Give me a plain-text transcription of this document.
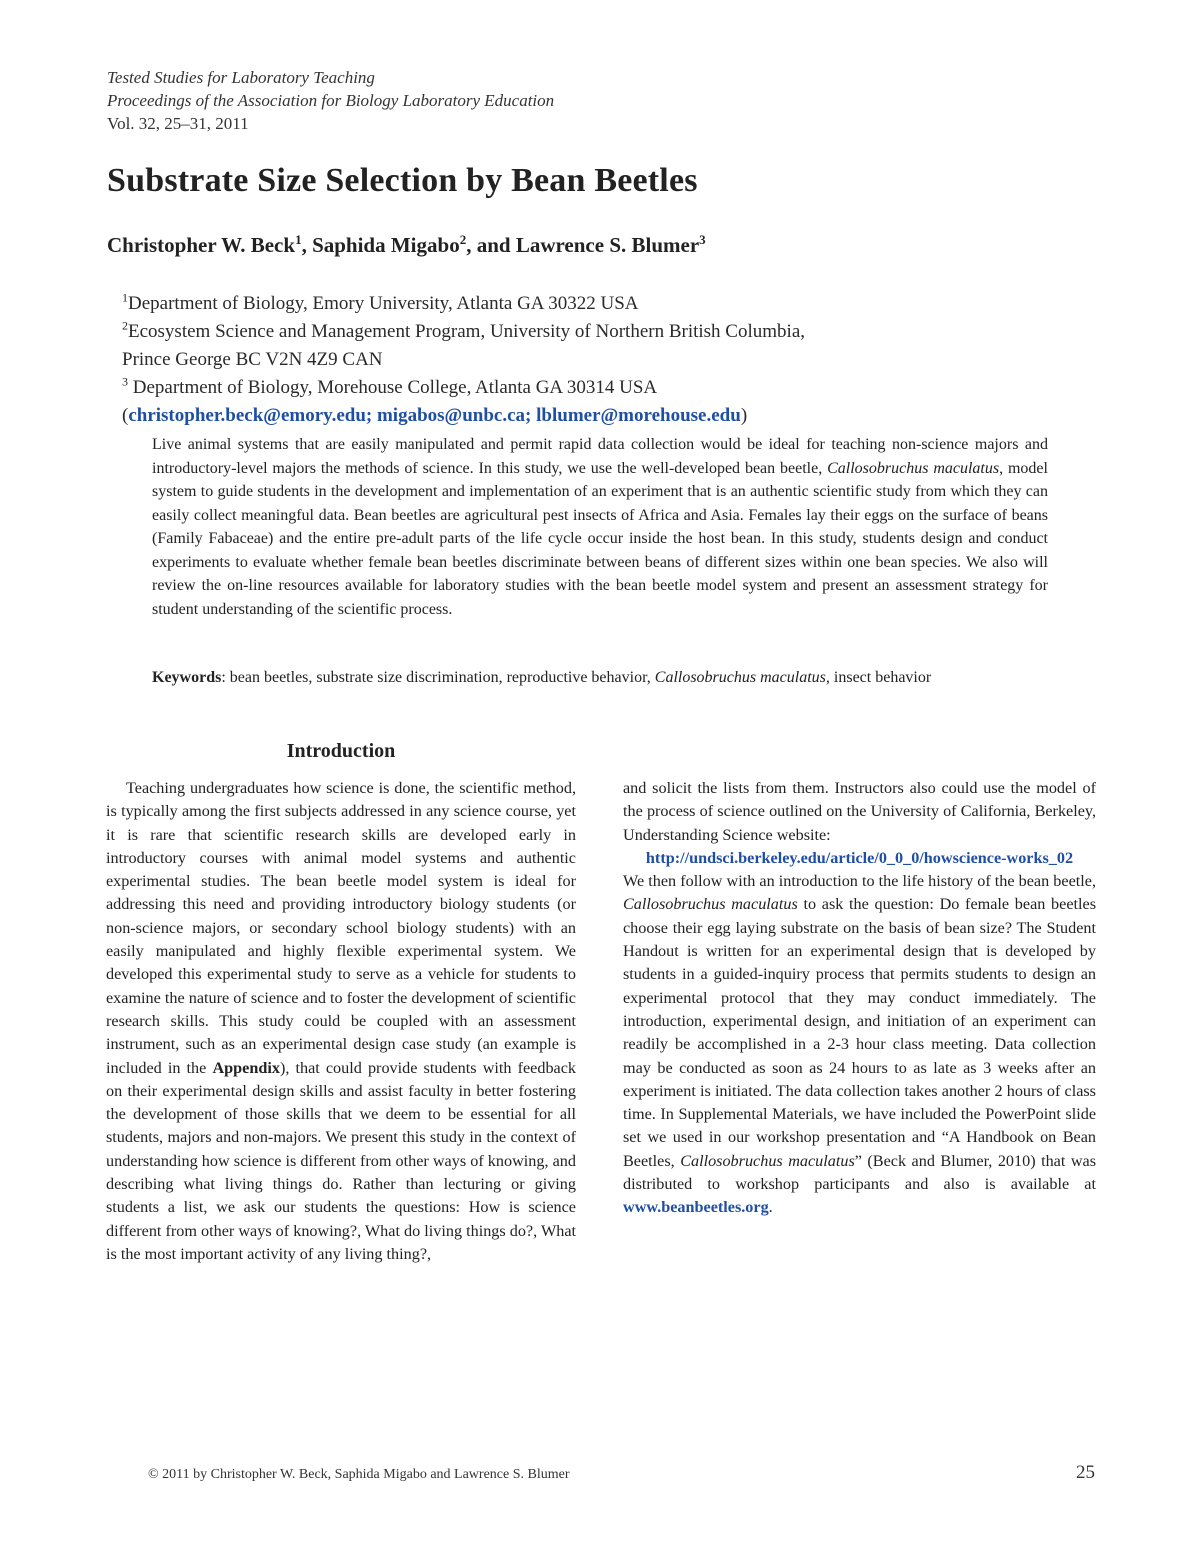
Tested Studies for Laboratory Teaching
Proceedings of the Association for Biology Laboratory Education
Vol. 32, 25–31, 2011
Substrate Size Selection by Bean Beetles
Christopher W. Beck$^1$, Saphida Migabo$^2$, and Lawrence S. Blumer$^3$
$^1$Department of Biology, Emory University, Atlanta GA 30322 USA
$^2$Ecosystem Science and Management Program, University of Northern British Columbia,
Prince George BC V2N 4Z9 CAN
$^3$ Department of Biology, Morehouse College, Atlanta GA 30314 USA
(christopher.beck@emory.edu; migabos@unbc.ca; lblumer@morehouse.edu)

Live animal systems that are easily manipulated and permit rapid data collection would be ideal for teaching non-science majors and introductory-level majors the methods of science. In this study, we use the well-developed bean beetle, Callosobruchus maculatus, model system to guide students in the development and implementation of an experiment that is an authentic scientific study from which they can easily collect meaningful data. Bean beetles are agricultural pest insects of Africa and Asia. Females lay their eggs on the surface of beans (Family Fabaceae) and the entire pre-adult parts of the life cycle occur inside the host bean. In this study, students design and conduct experiments to evaluate whether female bean beetles discriminate between beans of different sizes within one bean species. We also will review the on-line resources available for laboratory studies with the bean beetle model system and present an assessment strategy for student understanding of the scientific process.

Keywords: bean beetles, substrate size discrimination, reproductive behavior, Callosobruchus maculatus, insect behavior
Introduction

Teaching undergraduates how science is done, the scientific method, is typically among the first subjects addressed in any science course, yet it is rare that scientific research skills are developed early in introductory courses with animal model systems and authentic experimental studies. The bean beetle model system is ideal for addressing this need and providing introductory biology students (or non-science majors, or secondary school biology students) with an easily manipulated and highly flexible experimental system. We developed this experimental study to serve as a vehicle for students to examine the nature of science and to foster the development of scientific research skills. This study could be coupled with an assessment instrument, such as an experimental design case study (an example is included in the Appendix), that could provide students with feedback on their experimental design skills and assist faculty in better fostering the development of those skills that we deem to be essential for all students, majors and non-majors. We present this study in the context of understanding how science is different from other ways of knowing, and describing what living things do. Rather than lecturing or giving students a list, we ask our students the questions: How is science different from other ways of knowing?, What do living things do?, What is the most important activity of any living thing?,

and solicit the lists from them. Instructors also could use the model of the process of science outlined on the University of California, Berkeley, Understanding Science website:

http://undsci.berkeley.edu/article/0_0_0/howscience-works_02

We then follow with an introduction to the life history of the bean beetle, Callosobruchus maculatus to ask the question: Do female bean beetles choose their egg laying substrate on the basis of bean size? The Student Handout is written for an experimental design that is developed by students in a guided-inquiry process that permits students to design an experimental protocol that they may conduct immediately. The introduction, experimental design, and initiation of an experiment can readily be accomplished in a 2-3 hour class meeting. Data collection may be conducted as soon as 24 hours to as late as 3 weeks after an experiment is initiated. The data collection takes another 2 hours of class time. In Supplemental Materials, we have included the PowerPoint slide set we used in our workshop presentation and “A Handbook on Bean Beetles, Callosobruchus maculatus” (Beck and Blumer, 2010) that was distributed to workshop participants and also is available at www.beanbeetles.org.

© 2011 by Christopher W. Beck, Saphida Migabo and Lawrence S. Blumer	25
